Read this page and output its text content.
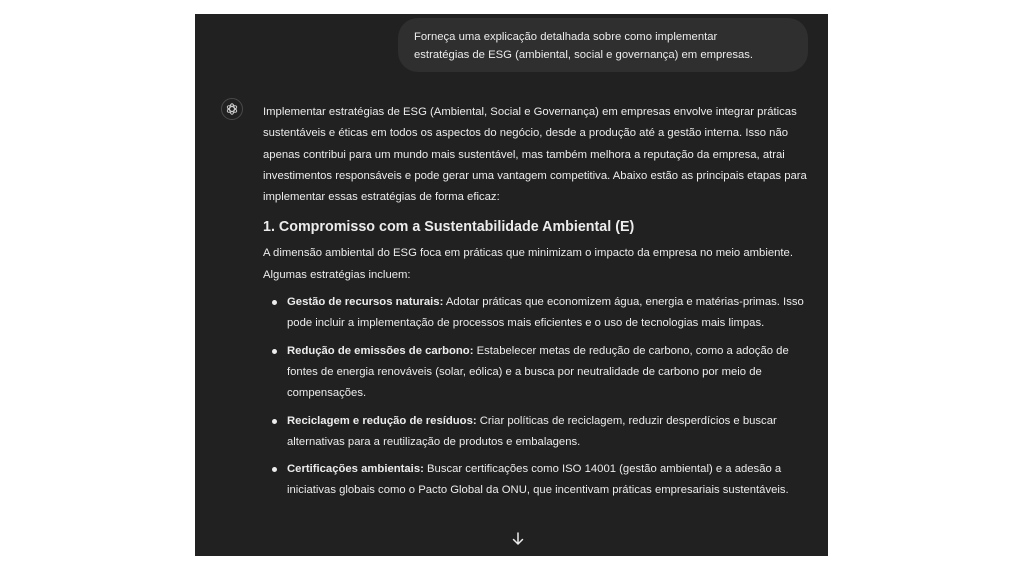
Forneça uma explicação detalhada sobre como implementar
estratégias de ESG (ambiental, social e governança) em empresas.

Implementar estratégias de ESG (Ambiental, Social e Governança) em empresas envolve integrar práticas sustentáveis e éticas em todos os aspectos do negócio, desde a produção até a gestão interna. Isso não apenas contribui para um mundo mais sustentável, mas também melhora a reputação da empresa, atrai investimentos responsáveis e pode gerar uma vantagem competitiva. Abaixo estão as principais etapas para implementar essas estratégias de forma eficaz:

1. Compromisso com a Sustentabilidade Ambiental (E)

A dimensão ambiental do ESG foca em práticas que minimizam o impacto da empresa no meio ambiente. Algumas estratégias incluem:

Gestão de recursos naturais: Adotar práticas que economizem água, energia e matérias-primas. Isso pode incluir a implementação de processos mais eficientes e o uso de tecnologias mais limpas.
Redução de emissões de carbono: Estabelecer metas de redução de carbono, como a adoção de fontes de energia renováveis (solar, eólica) e a busca por neutralidade de carbono por meio de compensações.
Reciclagem e redução de resíduos: Criar políticas de reciclagem, reduzir desperdícios e buscar alternativas para a reutilização de produtos e embalagens.
Certificações ambientais: Buscar certificações como ISO 14001 (gestão ambiental) e a adesão a iniciativas globais como o Pacto Global da ONU, que incentivam práticas empresariais sustentáveis.
